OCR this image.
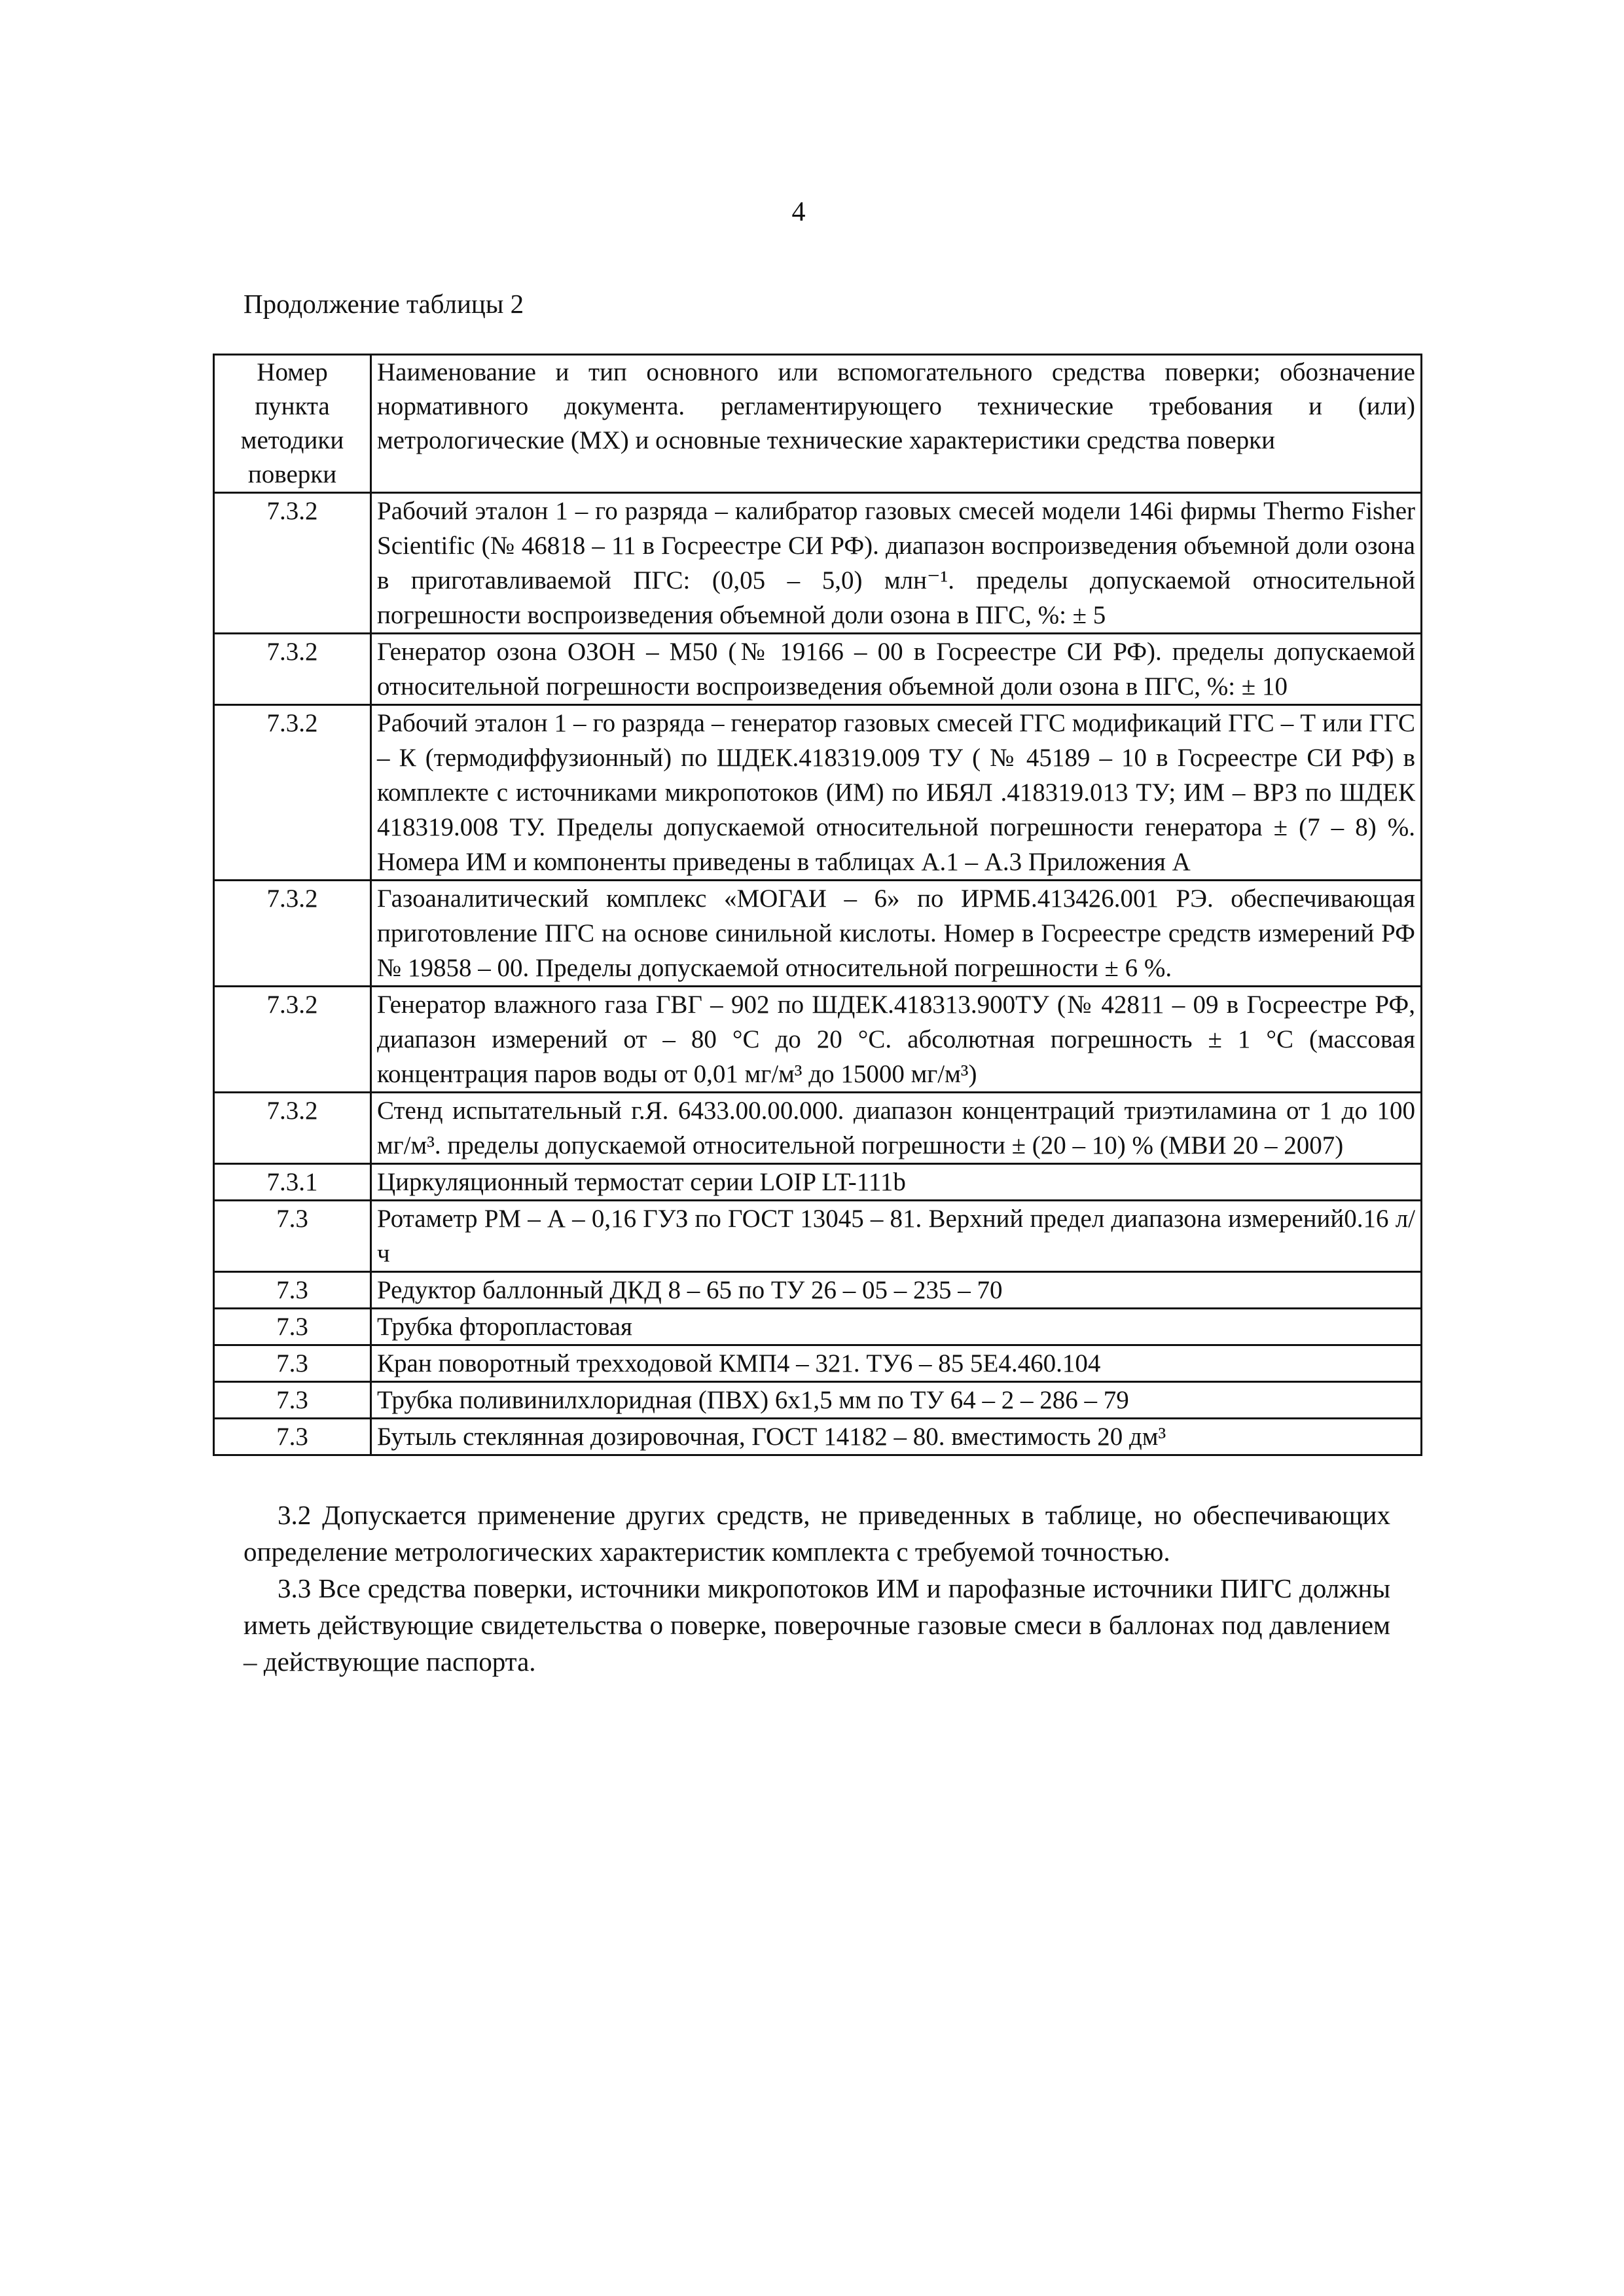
4
Продолжение таблицы 2
Номер пункта методики поверки	Наименование и тип основного или вспомогательного средства поверки; обозначение нормативного документа. регламентирующего технические требования и (или) метрологические (МХ) и основные технические характеристики средства поверки
7.3.2	Рабочий эталон 1 – го разряда – калибратор газовых смесей модели 146i фирмы Thermo Fisher Scientific (№ 46818 – 11 в Госреестре СИ РФ). диапазон воспроизведения объемной доли озона в приготавливаемой ПГС: (0,05 – 5,0) млн⁻¹. пределы допускаемой относительной погрешности воспроизведения объемной доли озона в ПГС, %: ± 5
7.3.2	Генератор озона ОЗОН – М50 (№ 19166 – 00 в Госреестре СИ РФ). пределы допускаемой относительной погрешности воспроизведения объемной доли озона в ПГС, %: ± 10
7.3.2	Рабочий эталон 1 – го разряда – генератор газовых смесей ГГС модификаций ГГС – Т или ГГС – К (термодиффузионный) по ШДЕК.418319.009 ТУ ( № 45189 – 10 в Госреестре СИ РФ) в комплекте с источниками микропотоков (ИМ) по ИБЯЛ .418319.013 ТУ; ИМ – ВРЗ по ШДЕК 418319.008 ТУ. Пределы допускаемой относительной погрешности генератора ± (7 – 8) %. Номера ИМ и компоненты приведены в таблицах А.1 – А.3 Приложения А
7.3.2	Газоаналитический комплекс «МОГАИ – 6» по ИРМБ.413426.001 РЭ. обеспечивающая приготовление ПГС на основе синильной кислоты. Номер в Госреестре средств измерений РФ № 19858 – 00. Пределы допускаемой относительной погрешности ± 6 %.
7.3.2	Генератор влажного газа ГВГ – 902 по ШДЕК.418313.900ТУ (№ 42811 – 09 в Госреестре РФ, диапазон измерений от – 80 °С до 20 °С. абсолютная погрешность ± 1 °С (массовая концентрация паров воды от 0,01 мг/м³ до 15000 мг/м³)
7.3.2	Стенд испытательный г.Я. 6433.00.00.000. диапазон концентраций триэтиламина от 1 до 100 мг/м³. пределы допускаемой относительной погрешности ± (20 – 10) % (МВИ 20 – 2007)
7.3.1	Циркуляционный термостат серии LOIP LT-111b
7.3	Ротаметр РМ – А – 0,16 ГУЗ по ГОСТ 13045 – 81. Верхний предел диапазона измерений0.16 л/ч
7.3	Редуктор баллонный ДКД 8 – 65 по ТУ 26 – 05 – 235 – 70
7.3	Трубка фторопластовая
7.3	Кран поворотный трехходовой КМП4 – 321. ТУ6 – 85 5Е4.460.104
7.3	Трубка поливинилхлоридная (ПВХ) 6х1,5 мм по ТУ 64 – 2 – 286 – 79
7.3	Бутыль стеклянная дозировочная, ГОСТ 14182 – 80. вместимость 20 дм³
3.2 Допускается применение других средств, не приведенных в таблице, но обеспечивающих определение метрологических характеристик комплекта с требуемой точностью.
3.3 Все средства поверки, источники микропотоков ИМ и парофазные источники ПИГС должны иметь действующие свидетельства о поверке, поверочные газовые смеси в баллонах под давлением – действующие паспорта.
